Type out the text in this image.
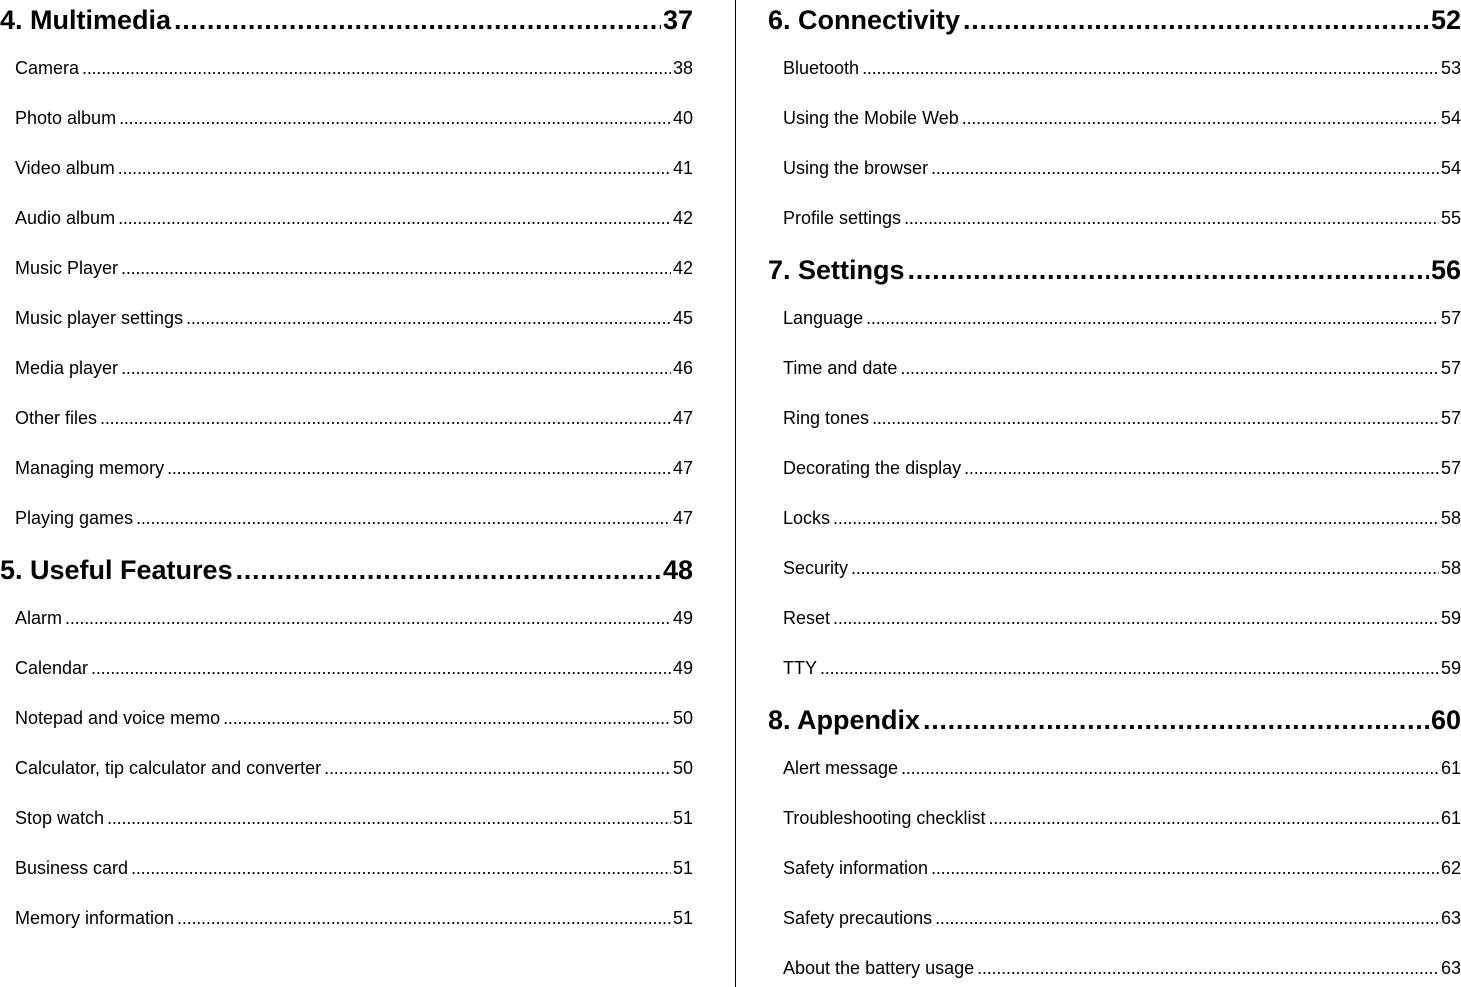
4. Multimedia . . .	37
Camera . . .	38
Photo album . . .	40
Video album . . .	41
Audio album . . .	42
Music Player . . .	42
Music player settings . . .	45
Media player . . .	46
Other files . . .	47
Managing memory . . .	47
Playing games . . .	47
5. Useful Features . . .	48
Alarm . . .	49
Calendar . . .	49
Notepad and voice memo . . .	50
Calculator, tip calculator and converter . . .	50
Stop watch . . .	51
Business card . . .	51
Memory information . . .	51
6. Connectivity . . .	52
Bluetooth . . .	53
Using the Mobile Web . . .	54
Using the browser . . .	54
Profile settings . . .	55
7. Settings . . .	56
Language . . .	57
Time and date . . .	57
Ring tones . . .	57
Decorating the display . . .	57
Locks . . .	58
Security . . .	58
Reset . . .	59
TTY . . .	59
8. Appendix . . .	60
Alert message . . .	61
Troubleshooting checklist . . .	61
Safety information . . .	62
Safety precautions . . .	63
About the battery usage . . .	63
